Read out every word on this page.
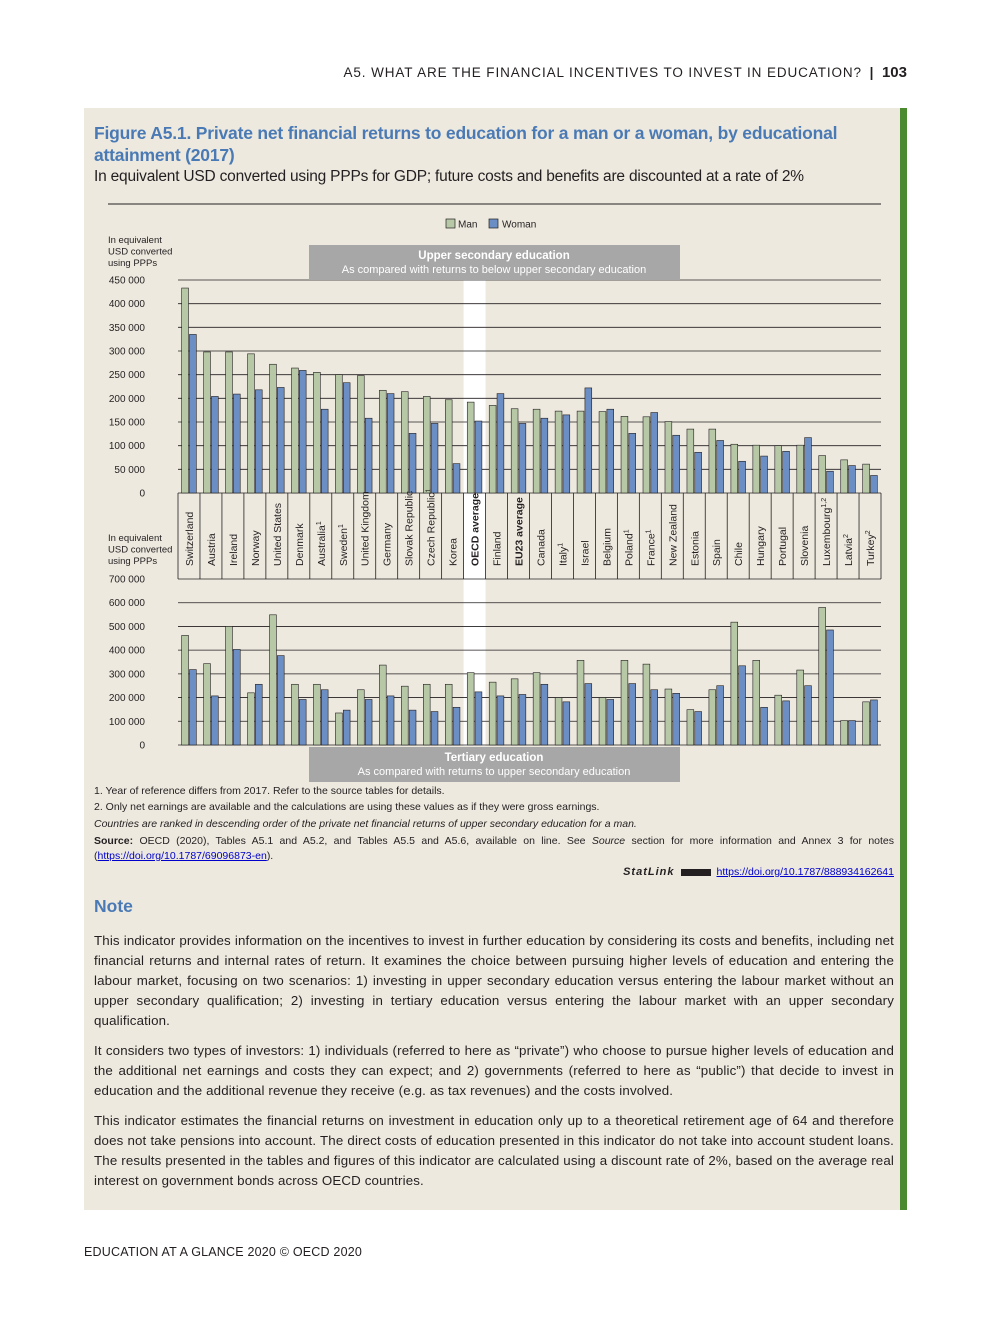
A5. WHAT ARE THE FINANCIAL INCENTIVES TO INVEST IN EDUCATION? | 103
Figure A5.1. Private net financial returns to education for a man or a woman, by educational attainment (2017)
In equivalent USD converted using PPPs for GDP; future costs and benefits are discounted at a rate of 2%
Man Woman
In equivalent
USD converted
using PPPs
0
50 000
100 000
150 000
200 000
250 000
300 000
350 000
400 000
450 000
Upper secondary education
As compared with returns to below upper secondary education
In equivalent
USD converted
using PPPs
0
100 000
200 000
300 000
400 000
500 000
600 000
700 000
Tertiary education
As compared with returns to upper secondary education
Switzerland Austria Ireland Norway United States Denmark Australia$^1$
Sweden$^1$	United Kingdom Germany Slovak Republic Czech Republic$^1$
Korea OECD average Finland EU23 average Canada Italy$^1$	Israel Belgium Poland$^1$
France$^1$	New Zealand Estonia Spain Chile Hungary Portugal Slovenia Luxembourg$^{1,2}$
Latvia$^2$	Turkey$^2$
1. Year of reference differs from 2017. Refer to the source tables for details.
2. Only net earnings are available and the calculations are using these values as if they were gross earnings.
Countries are ranked in descending order of the private net financial returns of upper secondary education for a man.
Source: OECD (2020), Tables A5.1 and A5.2, and Tables A5.5 and A5.6, available on line. See Source section for more information and Annex 3 for notes (https://doi.org/10.1787/69096873-en).
StatLink	https://doi.org/10.1787/888934162641
Note
This indicator provides information on the incentives to invest in further education by considering its costs and benefits, including net financial returns and internal rates of return. It examines the choice between pursuing higher levels of education and entering the labour market, focusing on two scenarios: 1) investing in upper secondary education versus entering the labour market without an upper secondary qualification; 2) investing in tertiary education versus entering the labour market with an upper secondary qualification.
It considers two types of investors: 1) individuals (referred to here as “private”) who choose to pursue higher levels of education and the additional net earnings and costs they can expect; and 2) governments (referred to here as “public”) that decide to invest in education and the additional revenue they receive (e.g. as tax revenues) and the costs involved.
This indicator estimates the financial returns on investment in education only up to a theoretical retirement age of 64 and therefore does not take pensions into account. The direct costs of education presented in this indicator do not take into account student loans. The results presented in the tables and figures of this indicator are calculated using a discount rate of 2%, based on the average real interest on government bonds across OECD countries.
EDUCATION AT A GLANCE 2020 © OECD 2020
